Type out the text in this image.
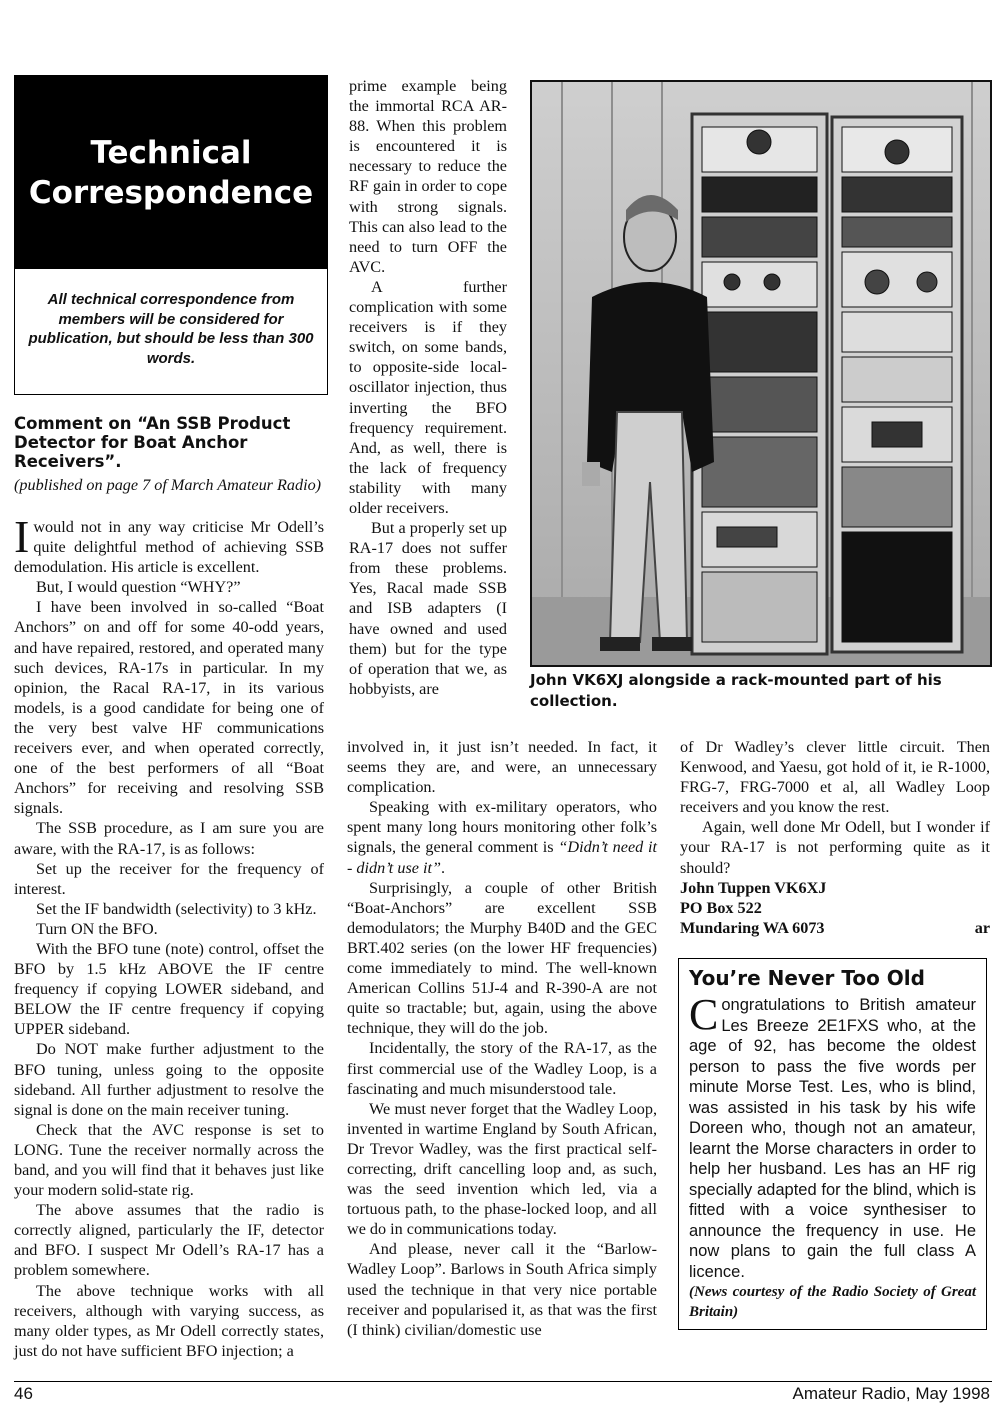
Technical
Correspondence
All technical correspondence from members will be considered for publication, but should be less than 300 words.
Comment on “An SSB Product Detector for Boat Anchor Receivers”.

(published on page 7 of March Amateur Radio)

Iwould not in any way criticise Mr Odell’s quite delightful method of achieving SSB demodulation. His article is excellent.

But, I would question “WHY?”

I have been involved in so-called “Boat Anchors” on and off for some 40-odd years, and have repaired, restored, and operated many such devices, RA-17s in particular. In my opinion, the Racal RA-17, in its various models, is a good candidate for being one of the very best valve HF communications receivers ever, and when operated correctly, one of the best performers of all “Boat Anchors” for receiving and resolving SSB signals.

The SSB procedure, as I am sure you are aware, with the RA-17, is as follows:

Set up the receiver for the frequency of interest.

Set the IF bandwidth (selectivity) to 3 kHz.

Turn ON the BFO.

With the BFO tune (note) control, offset the BFO by 1.5 kHz ABOVE the IF centre frequency if copying LOWER sideband, and BELOW the IF centre frequency if copying UPPER sideband.

Do NOT make further adjustment to the BFO tuning, unless going to the opposite sideband. All further adjustment to resolve the signal is done on the main receiver tuning.

Check that the AVC response is set to LONG. Tune the receiver normally across the band, and you will find that it behaves just like your modern solid-state rig.

The above assumes that the radio is correctly aligned, particularly the IF, detector and BFO. I suspect Mr Odell’s RA-17 has a problem somewhere.

The above technique works with all receivers, although with varying success, as many older types, as Mr Odell correctly states, just do not have sufficient BFO injection; a

prime example being the immortal RCA AR-88. When this problem is encountered it is necessary to reduce the RF gain in order to cope with strong signals. This can also lead to the need to turn OFF the AVC.

A further complication with some receivers is if they switch, on some bands, to opposite-side local-oscillator injection, thus inverting the BFO frequency requirement. And, as well, there is the lack of frequency stability with many older receivers.

But a properly set up RA-17 does not suffer from these problems. Yes, Racal made SSB and ISB adapters (I have owned and used them) but for the type of operation that we, as hobbyists, are

involved in, it just isn’t needed. In fact, it seems they are, and were, an unnecessary complication.

Speaking with ex-military operators, who spent many long hours monitoring other folk’s signals, the general comment is “Didn’t need it - didn’t use it”.

Surprisingly, a couple of other British “Boat-Anchors” are excellent SSB demodulators; the Murphy B40D and the GEC BRT.402 series (on the lower HF frequencies) come immediately to mind. The well-known American Collins 51J-4 and R-390-A are not quite so tractable; but, again, using the above technique, they will do the job.

Incidentally, the story of the RA-17, as the first commercial use of the Wadley Loop, is a fascinating and much misunderstood tale.

We must never forget that the Wadley Loop, invented in wartime England by South African, Dr Trevor Wadley, was the first practical self-correcting, drift cancelling loop and, as such, was the seed invention which led, via a tortuous path, to the phase-locked loop, and all we do in communications today.

And please, never call it the “Barlow-Wadley Loop”. Barlows in South Africa simply used the technique in that very nice portable receiver and popularised it, as that was the first (I think) civilian/domestic use

John VK6XJ alongside a rack-mounted part of his collection.

of Dr Wadley’s clever little circuit. Then Kenwood, and Yaesu, got hold of it, ie R-1000, FRG-7, FRG-7000 et al, all Wadley Loop receivers and you know the rest.

Again, well done Mr Odell, but I wonder if your RA-17 is not performing quite as it should?

John Tuppen VK6XJ
PO Box 522
Mundaring WA 6073	ar
You’re Never Too Old

Congratulations to British amateur Les Breeze 2E1FXS who, at the age of 92, has become the oldest person to pass the five words per minute Morse Test. Les, who is blind, was assisted in his task by his wife Doreen who, though not an amateur, learnt the Morse characters in order to help her husband. Les has an HF rig specially adapted for the blind, which is fitted with a voice synthesiser to announce the frequency in use. He now plans to gain the full class A licence.

(News courtesy of the Radio Society of Great Britain)

46	Amateur Radio, May 1998
